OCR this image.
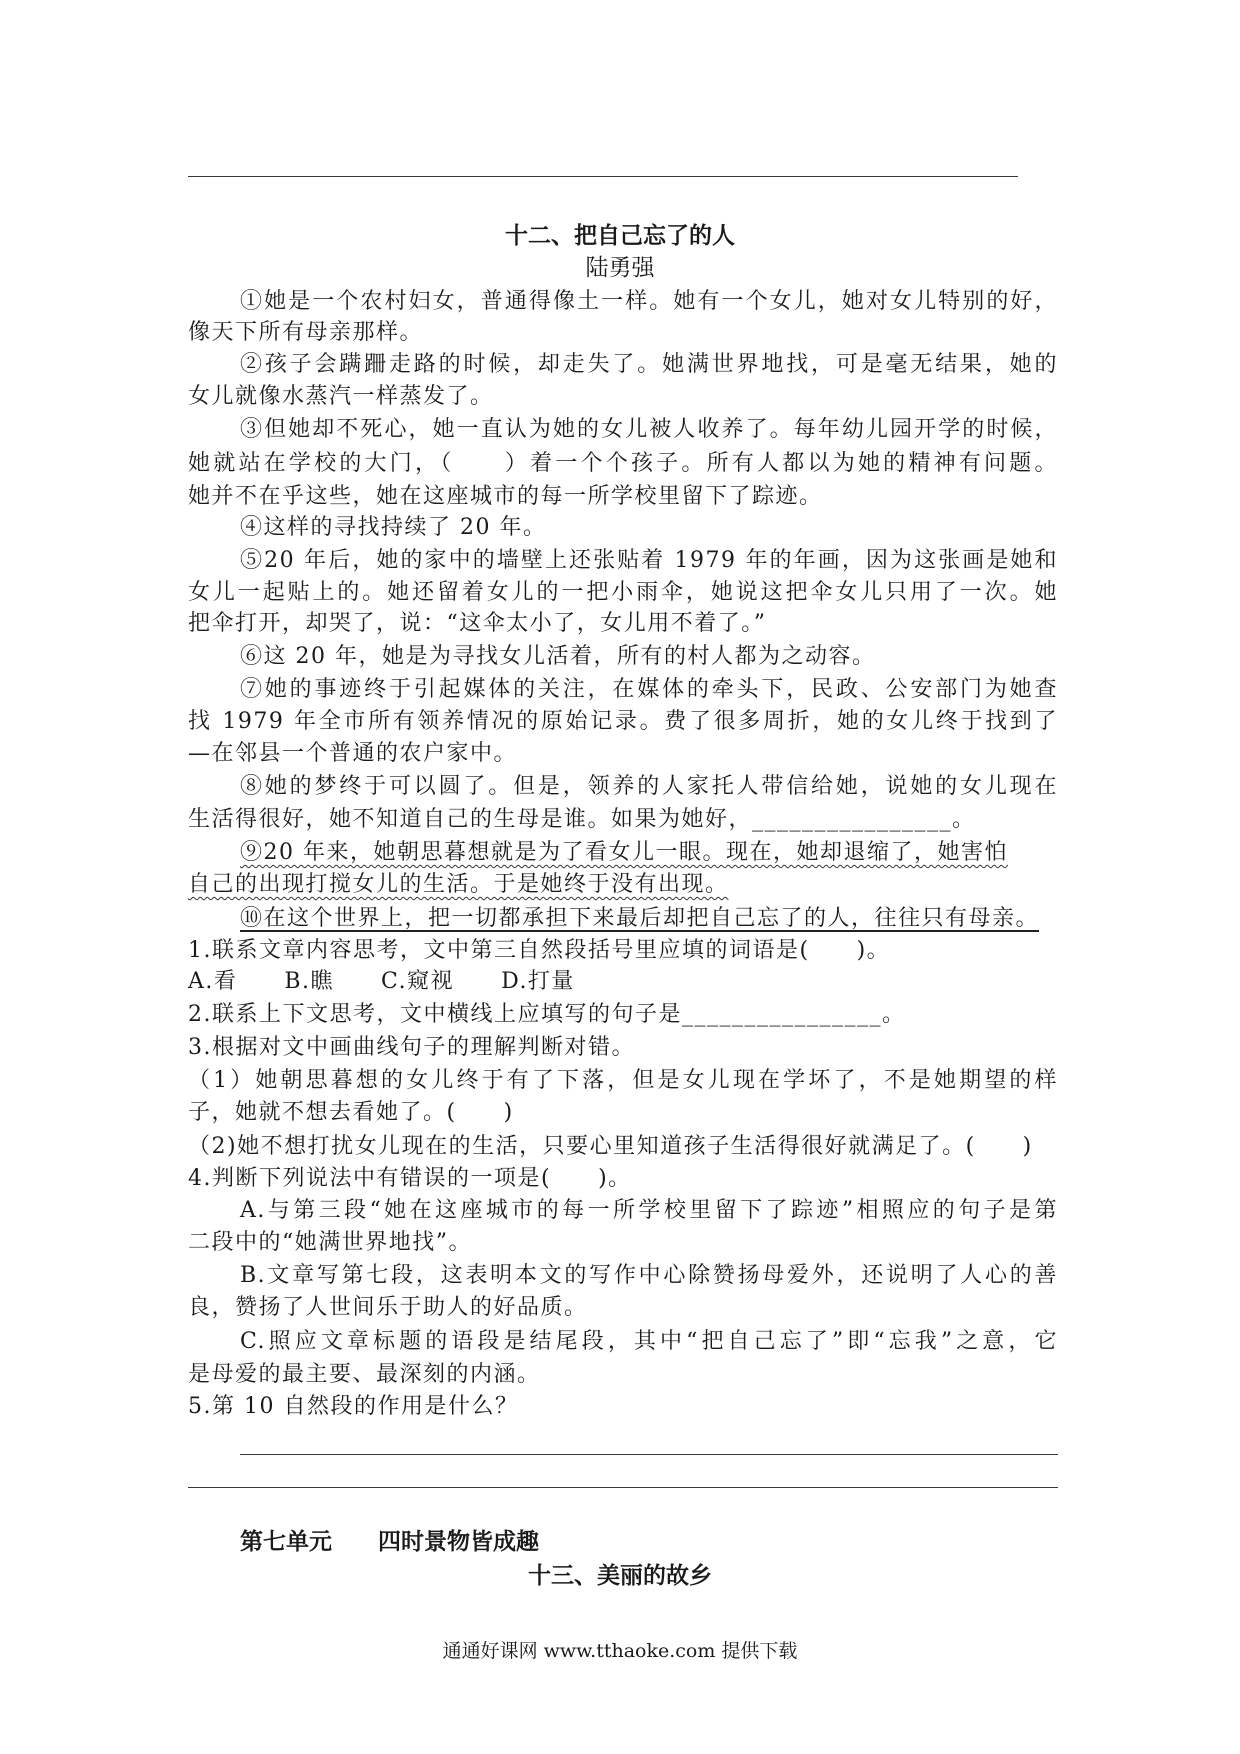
十二、把自己忘了的人
陆勇强
①她是一个农村妇女，普通得像土一样。她有一个女儿，她对女儿特别的好，
像天下所有母亲那样。
②孩子会蹒跚走路的时候，却走失了。她满世界地找，可是毫无结果，她的
女儿就像水蒸汽一样蒸发了。
③但她却不死心，她一直认为她的女儿被人收养了。每年幼儿园开学的时候，
她就站在学校的大门，（　　）着一个个孩子。所有人都以为她的精神有问题。
她并不在乎这些，她在这座城市的每一所学校里留下了踪迹。
④这样的寻找持续了 20 年。
⑤20 年后，她的家中的墙壁上还张贴着 1979 年的年画，因为这张画是她和
女儿一起贴上的。她还留着女儿的一把小雨伞，她说这把伞女儿只用了一次。她
把伞打开，却哭了，说：“这伞太小了，女儿用不着了。”
⑥这 20 年，她是为寻找女儿活着，所有的村人都为之动容。
⑦她的事迹终于引起媒体的关注，在媒体的牵头下，民政、公安部门为她查
找 1979 年全市所有领养情况的原始记录。费了很多周折，她的女儿终于找到了
—在邻县一个普通的农户家中。
⑧她的梦终于可以圆了。但是，领养的人家托人带信给她，说她的女儿现在
生活得很好，她不知道自己的生母是谁。如果为她好，________________。
⑨20 年来，她朝思暮想就是为了看女儿一眼。现在，她却退缩了，她害怕
自己的出现打搅女儿的生活。于是她终于没有出现。
⑩在这个世界上，把一切都承担下来最后却把自己忘了的人，往往只有母亲。
1.联系文章内容思考，文中第三自然段括号里应填的词语是(　　)。
A.看　　B.瞧　　C.窥视　　D.打量
2.联系上下文思考，文中横线上应填写的句子是________________。
3.根据对文中画曲线句子的理解判断对错。
（1）她朝思暮想的女儿终于有了下落，但是女儿现在学坏了，不是她期望的样
子，她就不想去看她了。(　　)
（2)她不想打扰女儿现在的生活，只要心里知道孩子生活得很好就满足了。(　　)
4.判断下列说法中有错误的一项是(　　)。
A.与第三段“她在这座城市的每一所学校里留下了踪迹”相照应的句子是第
二段中的“她满世界地找”。
B.文章写第七段，这表明本文的写作中心除赞扬母爱外，还说明了人心的善
良，赞扬了人世间乐于助人的好品质。
C.照应文章标题的语段是结尾段，其中“把自己忘了”即“忘我”之意，它
是母爱的最主要、最深刻的内涵。
5.第 10 自然段的作用是什么？
第七单元　　四时景物皆成趣
十三、美丽的故乡
通通好课网 www.tthaoke.com 提供下载
